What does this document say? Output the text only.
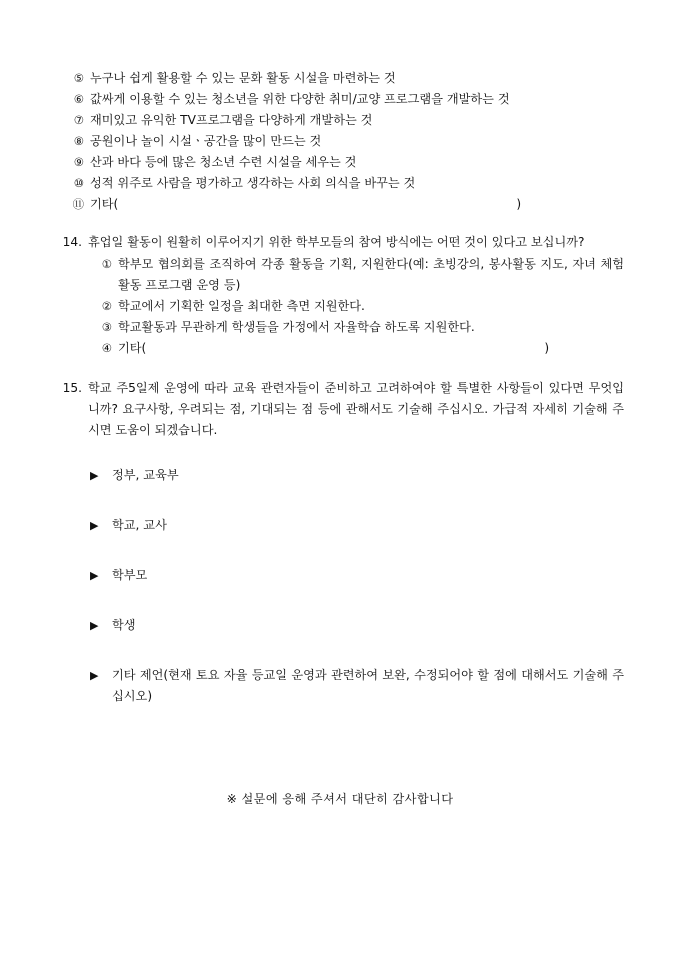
⑤ 누구나 쉽게 활용할 수 있는 문화 활동 시설을 마련하는 것
⑥ 값싸게 이용할 수 있는 청소년을 위한 다양한 취미/교양 프로그램을 개발하는 것
⑦ 재미있고 유익한 TV프로그램을 다양하게 개발하는 것
⑧ 공원이나 놀이 시설ㆍ공간을 많이 만드는 것
⑨ 산과 바다 등에 많은 청소년 수련 시설을 세우는 것
⑩ 성적 위주로 사람을 평가하고 생각하는 사회 의식을 바꾸는 것
⑪ 기타(	)
14. 휴업일 활동이 원활히 이루어지기 위한 학부모들의 참여 방식에는 어떤 것이 있다고 보십니까?
① 학부모 협의회를 조직하여 각종 활동을 기획, 지원한다(예: 초빙강의, 봉사활동 지도, 자녀 체험 활동 프로그램 운영 등)
② 학교에서 기획한 일정을 최대한 측면 지원한다.
③ 학교활동과 무관하게 학생들을 가정에서 자율학습 하도록 지원한다.
④ 기타(	)
15. 학교 주5일제 운영에 따라 교육 관련자들이 준비하고 고려하여야 할 특별한 사항들이 있다면 무엇입니까? 요구사항, 우려되는 점, 기대되는 점 등에 관해서도 기술해 주십시오. 가급적 자세히 기술해 주시면 도움이 되겠습니다.
▶ 정부, 교육부
▶ 학교, 교사
▶ 학부모
▶ 학생
▶ 기타 제언(현재 토요 자율 등교일 운영과 관련하여 보완, 수정되어야 할 점에 대해서도 기술해 주십시오)
※ 설문에 응해 주셔서 대단히 감사합니다
